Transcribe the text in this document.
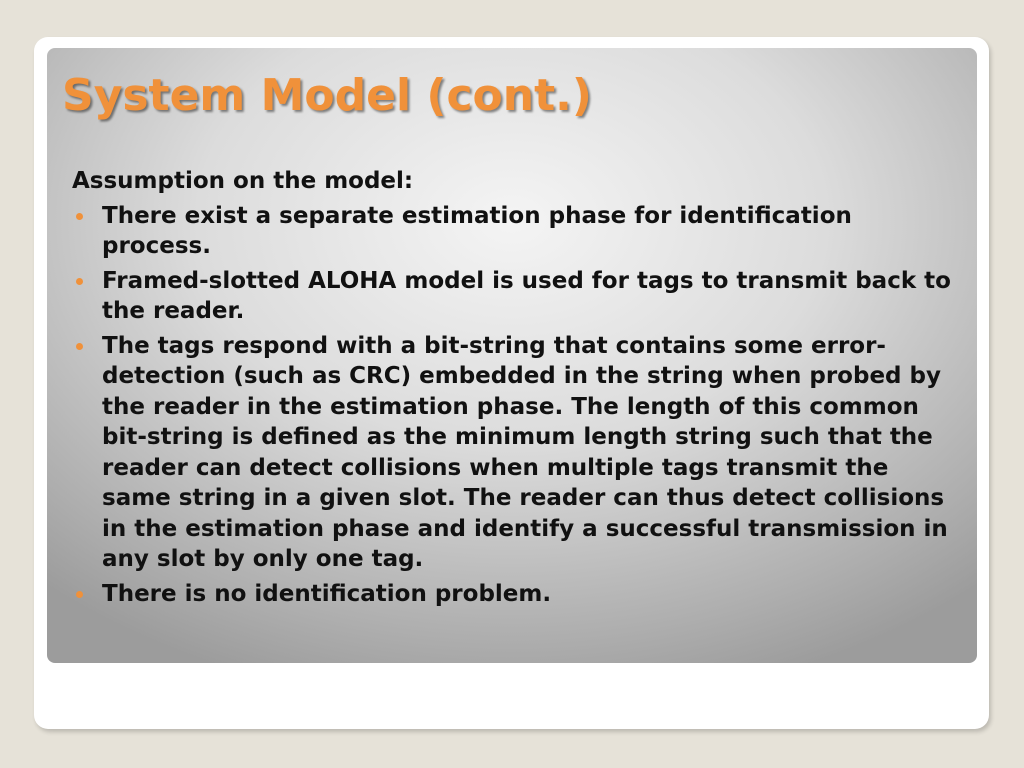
System Model (cont.)

Assumption on the model:

There exist a separate estimation phase for identification process.
Framed-slotted ALOHA model is used for tags to transmit back to the reader.
The tags respond with a bit-string that contains some error-detection (such as CRC) embedded in the string when probed by the reader in the estimation phase. The length of this common bit-string is defined as the minimum length string such that the reader can detect collisions when multiple tags transmit the same string in a given slot. The reader can thus detect collisions in the estimation phase and identify a successful transmission in any slot by only one tag.
There is no identification problem.
